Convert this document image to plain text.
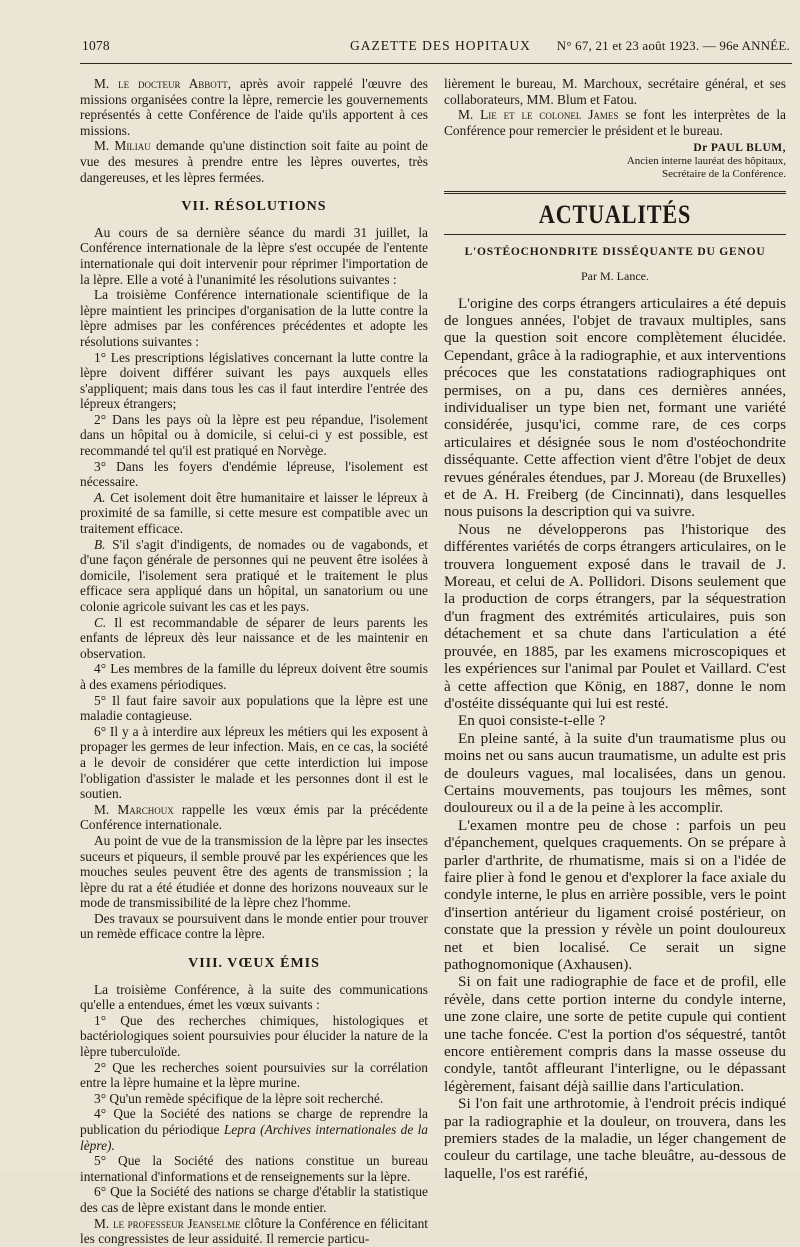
1078	GAZETTE DES HOPITAUX N° 67, 21 et 23 août 1923. — 96e ANNÉE.

M. le docteur Abbott, après avoir rappelé l'œuvre des missions organisées contre la lèpre, remercie les gouvernements représentés à cette Conférence de l'aide qu'ils apportent à ces missions.

M. Miliau demande qu'une distinction soit faite au point de vue des mesures à prendre entre les lèpres ouvertes, très dangereuses, et les lèpres fermées.

VII. RÉSOLUTIONS

Au cours de sa dernière séance du mardi 31 juillet, la Conférence internationale de la lèpre s'est occupée de l'entente internationale qui doit intervenir pour réprimer l'importation de la lèpre. Elle a voté à l'unanimité les résolutions suivantes :

La troisième Conférence internationale scientifique de la lèpre maintient les principes d'organisation de la lutte contre la lèpre admises par les conférences précédentes et adopte les résolutions suivantes :

1° Les prescriptions législatives concernant la lutte contre la lèpre doivent différer suivant les pays auxquels elles s'appliquent; mais dans tous les cas il faut interdire l'entrée des lépreux étrangers;

2° Dans les pays où la lèpre est peu répandue, l'isolement dans un hôpital ou à domicile, si celui-ci y est possible, est recommandé tel qu'il est pratiqué en Norvège.

3° Dans les foyers d'endémie lépreuse, l'isolement est nécessaire.

A. Cet isolement doit être humanitaire et laisser le lépreux à proximité de sa famille, si cette mesure est compatible avec un traitement efficace.

B. S'il s'agit d'indigents, de nomades ou de vagabonds, et d'une façon générale de personnes qui ne peuvent être isolées à domicile, l'isolement sera pratiqué et le traitement le plus efficace sera appliqué dans un hôpital, un sanatorium ou une colonie agricole suivant les cas et les pays.

C. Il est recommandable de séparer de leurs parents les enfants de lépreux dès leur naissance et de les maintenir en observation.

4° Les membres de la famille du lépreux doivent être soumis à des examens périodiques.

5° Il faut faire savoir aux populations que la lèpre est une maladie contagieuse.

6° Il y a à interdire aux lépreux les métiers qui les exposent à propager les germes de leur infection. Mais, en ce cas, la société a le devoir de considérer que cette interdiction lui impose l'obligation d'assister le malade et les personnes dont il est le soutien.

M. Marchoux rappelle les vœux émis par la précédente Conférence internationale.

Au point de vue de la transmission de la lèpre par les insectes suceurs et piqueurs, il semble prouvé par les expériences que les mouches seules peuvent être des agents de transmission ; la lèpre du rat a été étudiée et donne des horizons nouveaux sur le mode de transmissibilité de la lèpre chez l'homme.

Des travaux se poursuivent dans le monde entier pour trouver un remède efficace contre la lèpre.

VIII. VŒUX ÉMIS

La troisième Conférence, à la suite des communications qu'elle a entendues, émet les vœux suivants :

1° Que des recherches chimiques, histologiques et bactériologiques soient poursuivies pour élucider la nature de la lèpre tuberculoïde.

2° Que les recherches soient poursuivies sur la corrélation entre la lèpre humaine et la lèpre murine.

3° Qu'un remède spécifique de la lèpre soit recherché.

4° Que la Société des nations se charge de reprendre la publication du périodique Lepra (Archives internationales de la lèpre).

5° Que la Société des nations constitue un bureau international d'informations et de renseignements sur la lèpre.

6° Que la Société des nations se charge d'établir la statistique des cas de lèpre existant dans le monde entier.

M. le professeur Jeanselme clôture la Conférence en félicitant les congressistes de leur assiduité. Il remercie particu-

lièrement le bureau, M. Marchoux, secrétaire général, et ses collaborateurs, MM. Blum et Fatou.

M. Lie et le colonel James se font les interprètes de la Conférence pour remercier le président et le bureau.

Dr PAUL BLUM,
Ancien interne lauréat des hôpitaux,
Secrétaire de la Conférence.
ACTUALITÉS
L'OSTÉOCHONDRITE DISSÉQUANTE DU GENOU
Par M. Lance.

L'origine des corps étrangers articulaires a été depuis de longues années, l'objet de travaux multiples, sans que la question soit encore complètement élucidée. Cependant, grâce à la radiographie, et aux interventions précoces que les constatations radiographiques ont permises, on a pu, dans ces dernières années, individualiser un type bien net, formant une variété considérée, jusqu'ici, comme rare, de ces corps articulaires et désignée sous le nom d'ostéochondrite disséquante. Cette affection vient d'être l'objet de deux revues générales étendues, par J. Moreau (de Bruxelles) et de A. H. Freiberg (de Cincinnati), dans lesquelles nous puisons la description qui va suivre.

Nous ne développerons pas l'historique des différentes variétés de corps étrangers articulaires, on le trouvera longuement exposé dans le travail de J. Moreau, et celui de A. Pollidori. Disons seulement que la production de corps étrangers, par la séquestration d'un fragment des extrémités articulaires, puis son détachement et sa chute dans l'articulation a été prouvée, en 1885, par les examens microscopiques et les expériences sur l'animal par Poulet et Vaillard. C'est à cette affection que König, en 1887, donne le nom d'ostéite disséquante qui lui est resté.

En quoi consiste-t-elle ?

En pleine santé, à la suite d'un traumatisme plus ou moins net ou sans aucun traumatisme, un adulte est pris de douleurs vagues, mal localisées, dans un genou. Certains mouvements, pas toujours les mêmes, sont douloureux ou il a de la peine à les accomplir.

L'examen montre peu de chose : parfois un peu d'épanchement, quelques craquements. On se prépare à parler d'arthrite, de rhumatisme, mais si on a l'idée de faire plier à fond le genou et d'explorer la face axiale du condyle interne, le plus en arrière possible, vers le point d'insertion antérieur du ligament croisé postérieur, on constate que la pression y révèle un point douloureux net et bien localisé. Ce serait un signe pathognomonique (Axhausen).

Si on fait une radiographie de face et de profil, elle révèle, dans cette portion interne du condyle interne, une zone claire, une sorte de petite cupule qui contient une tache foncée. C'est la portion d'os séquestré, tantôt encore entièrement compris dans la masse osseuse du condyle, tantôt affleurant l'interligne, ou le dépassant légèrement, faisant déjà saillie dans l'articulation.

Si l'on fait une arthrotomie, à l'endroit précis indiqué par la radiographie et la douleur, on trouvera, dans les premiers stades de la maladie, un léger changement de couleur du cartilage, une tache bleuâtre, au-dessous de laquelle, l'os est raréfié,
